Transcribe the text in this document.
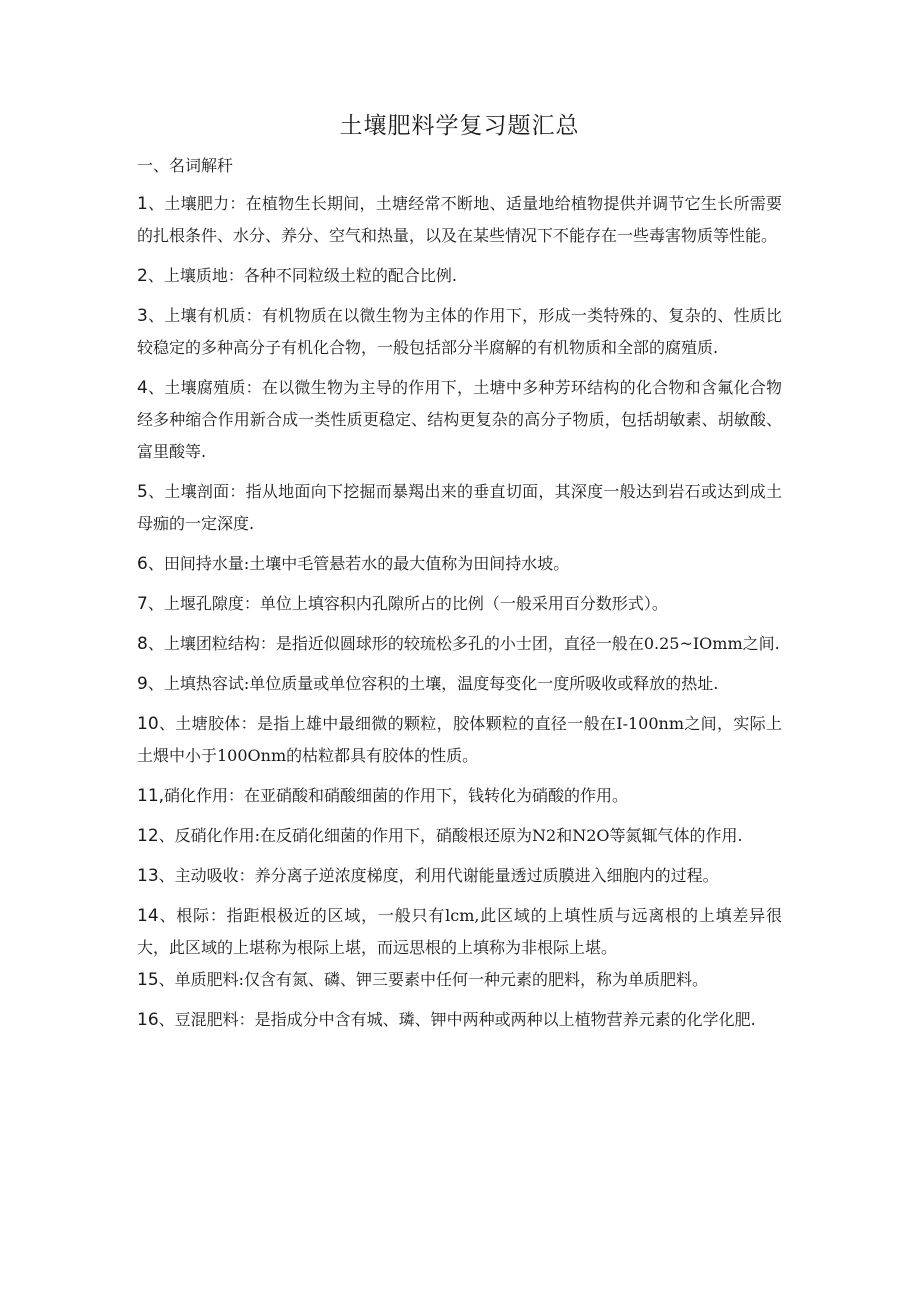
土壤肥料学复习题汇总
一、名词解秆

1、土壤肥力：在植物生长期间，土塘经常不断地、适量地给植物提供并调节它生长所需要的扎根条件、水分、养分、空气和热量，以及在某些情况下不能存在一些毒害物质等性能。

2、上壤质地：各种不同粒级土粒的配合比例.

3、上壤有机质：有机物质在以微生物为主体的作用下，形成一类特殊的、复杂的、性质比较稳定的多种高分子有机化合物，一般包括部分半腐解的有机物质和全部的腐殖质.

4、土壤腐殖质：在以微生物为主导的作用下，土塘中多种芳环结构的化合物和含氟化合物经多种缩合作用新合成一类性质更稳定、结构更复杂的高分子物质，包括胡敏素、胡敏酸、富里酸等.

5、土壤剖面：指从地面向下挖掘而暴羯出来的垂直切面，其深度一般达到岩石或达到成土母痂的一定深度.

6、田间持水量:土壤中毛管悬若水的最大值称为田间持水坡。

7、上堰孔隙度：单位上填容积内孔隙所占的比例（一般采用百分数形式）。

8、上壤团粒结构：是指近似圆球形的较琉松多孔的小士团，直径一般在0.25~IOmm之间.

9、上填热容试:单位质量或单位容积的土壤，温度每变化一度所吸收或释放的热址.

10、土塘胶体：是指上雄中最细微的颗粒，胶体颗粒的直径一般在I-100nm之间，实际上土煨中小于100Onm的枯粒都具有胶体的性质。

11,硝化作用：在亚硝酸和硝酸细菌的作用下，钱转化为硝酸的作用。

12、反硝化作用:在反硝化细菌的作用下，硝酸根还原为N2和N2O等氮辄气体的作用.

13、主动吸收：养分离子逆浓度梯度，利用代谢能量透过质膜进入细胞内的过程。

14、根际：指距根极近的区域，一般只有lcm,此区域的上填性质与远离根的上填差异很大，此区域的上堪称为根际上堪，而远思根的上填称为非根际上堪。

15、单质肥料:仅含有氮、磷、钾三要素中任何一种元素的肥料，称为单质肥料。

16、豆混肥料：是指成分中含有城、璘、钾中两种或两种以上植物营养元素的化学化肥.
